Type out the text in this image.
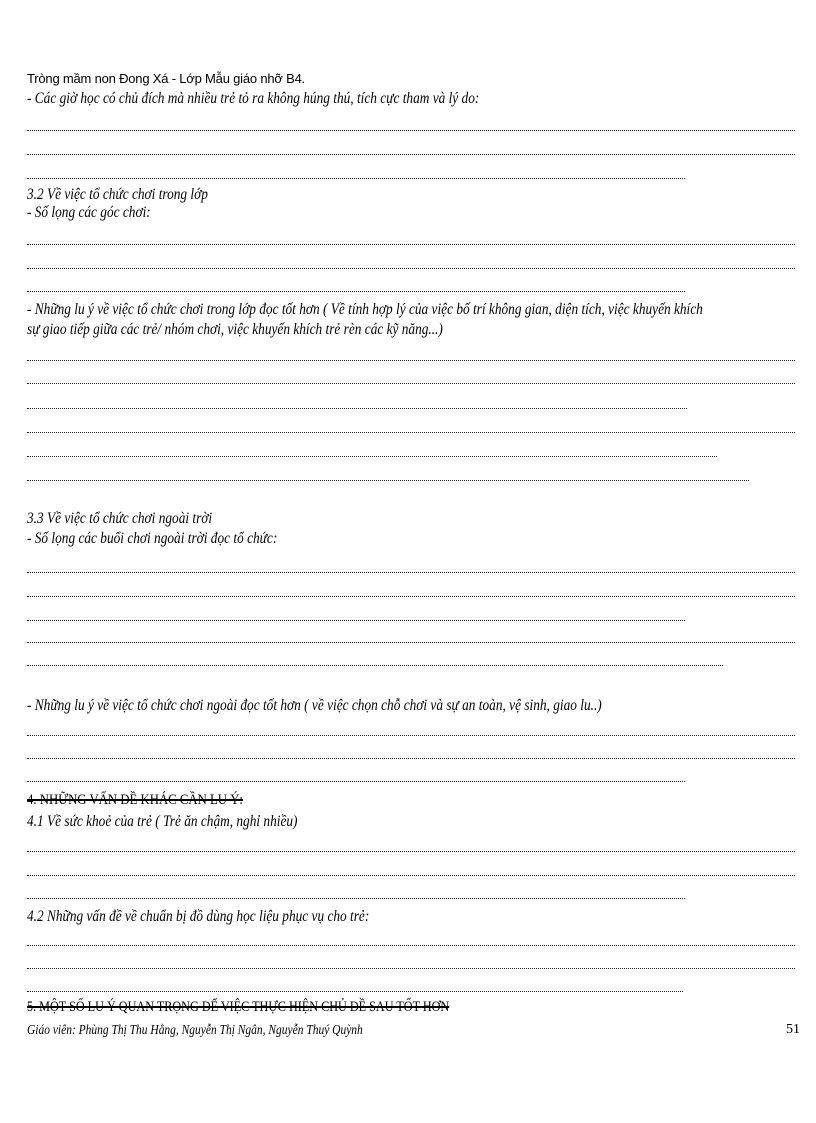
Tròng mầm non Đong Xá - Lớp Mẫu giáo nhỡ B4.
- Các giờ học có chủ đích mà nhiều trẻ tỏ ra không húng thú, tích cực tham và lý do:
3.2 Về việc tổ chức chơi trong lớp
- Số lọng các góc chơi:
- Những lu ý về việc tổ chức chơi trong lớp đọc tốt hơn ( Về tính hợp lý của việc bố trí không gian, diện tích, việc khuyến khích
sự giao tiếp giữa các trẻ/ nhóm chơi, việc khuyến khích trẻ rèn các kỹ năng...)
3.3 Về việc tổ chức chơi ngoài trời
- Số lọng các buổi chơi ngoài trời đọc tổ chức:
- Những lu ý về việc tổ chức chơi ngoài đọc tốt hơn ( về việc chọn chỗ chơi và sự an toàn, vệ sinh, giao lu..)
4. NHỮNG VẤN ĐỀ KHÁC CẦN LU Ý:
4.1 Về sức khoẻ của trẻ ( Trẻ ăn chậm, nghỉ nhiều)
4.2 Những vấn đề về chuẩn bị đồ dùng học liệu phục vụ cho trẻ:
5. MỘT SỐ LU Ý QUAN TRỌNG ĐỂ VIỆC THỰC HIỆN CHỦ ĐỀ SAU TỐT HƠN
Giáo viên: Phùng Thị Thu Hằng, Nguyễn Thị Ngân, Nguyễn Thuý Quỳnh	51
